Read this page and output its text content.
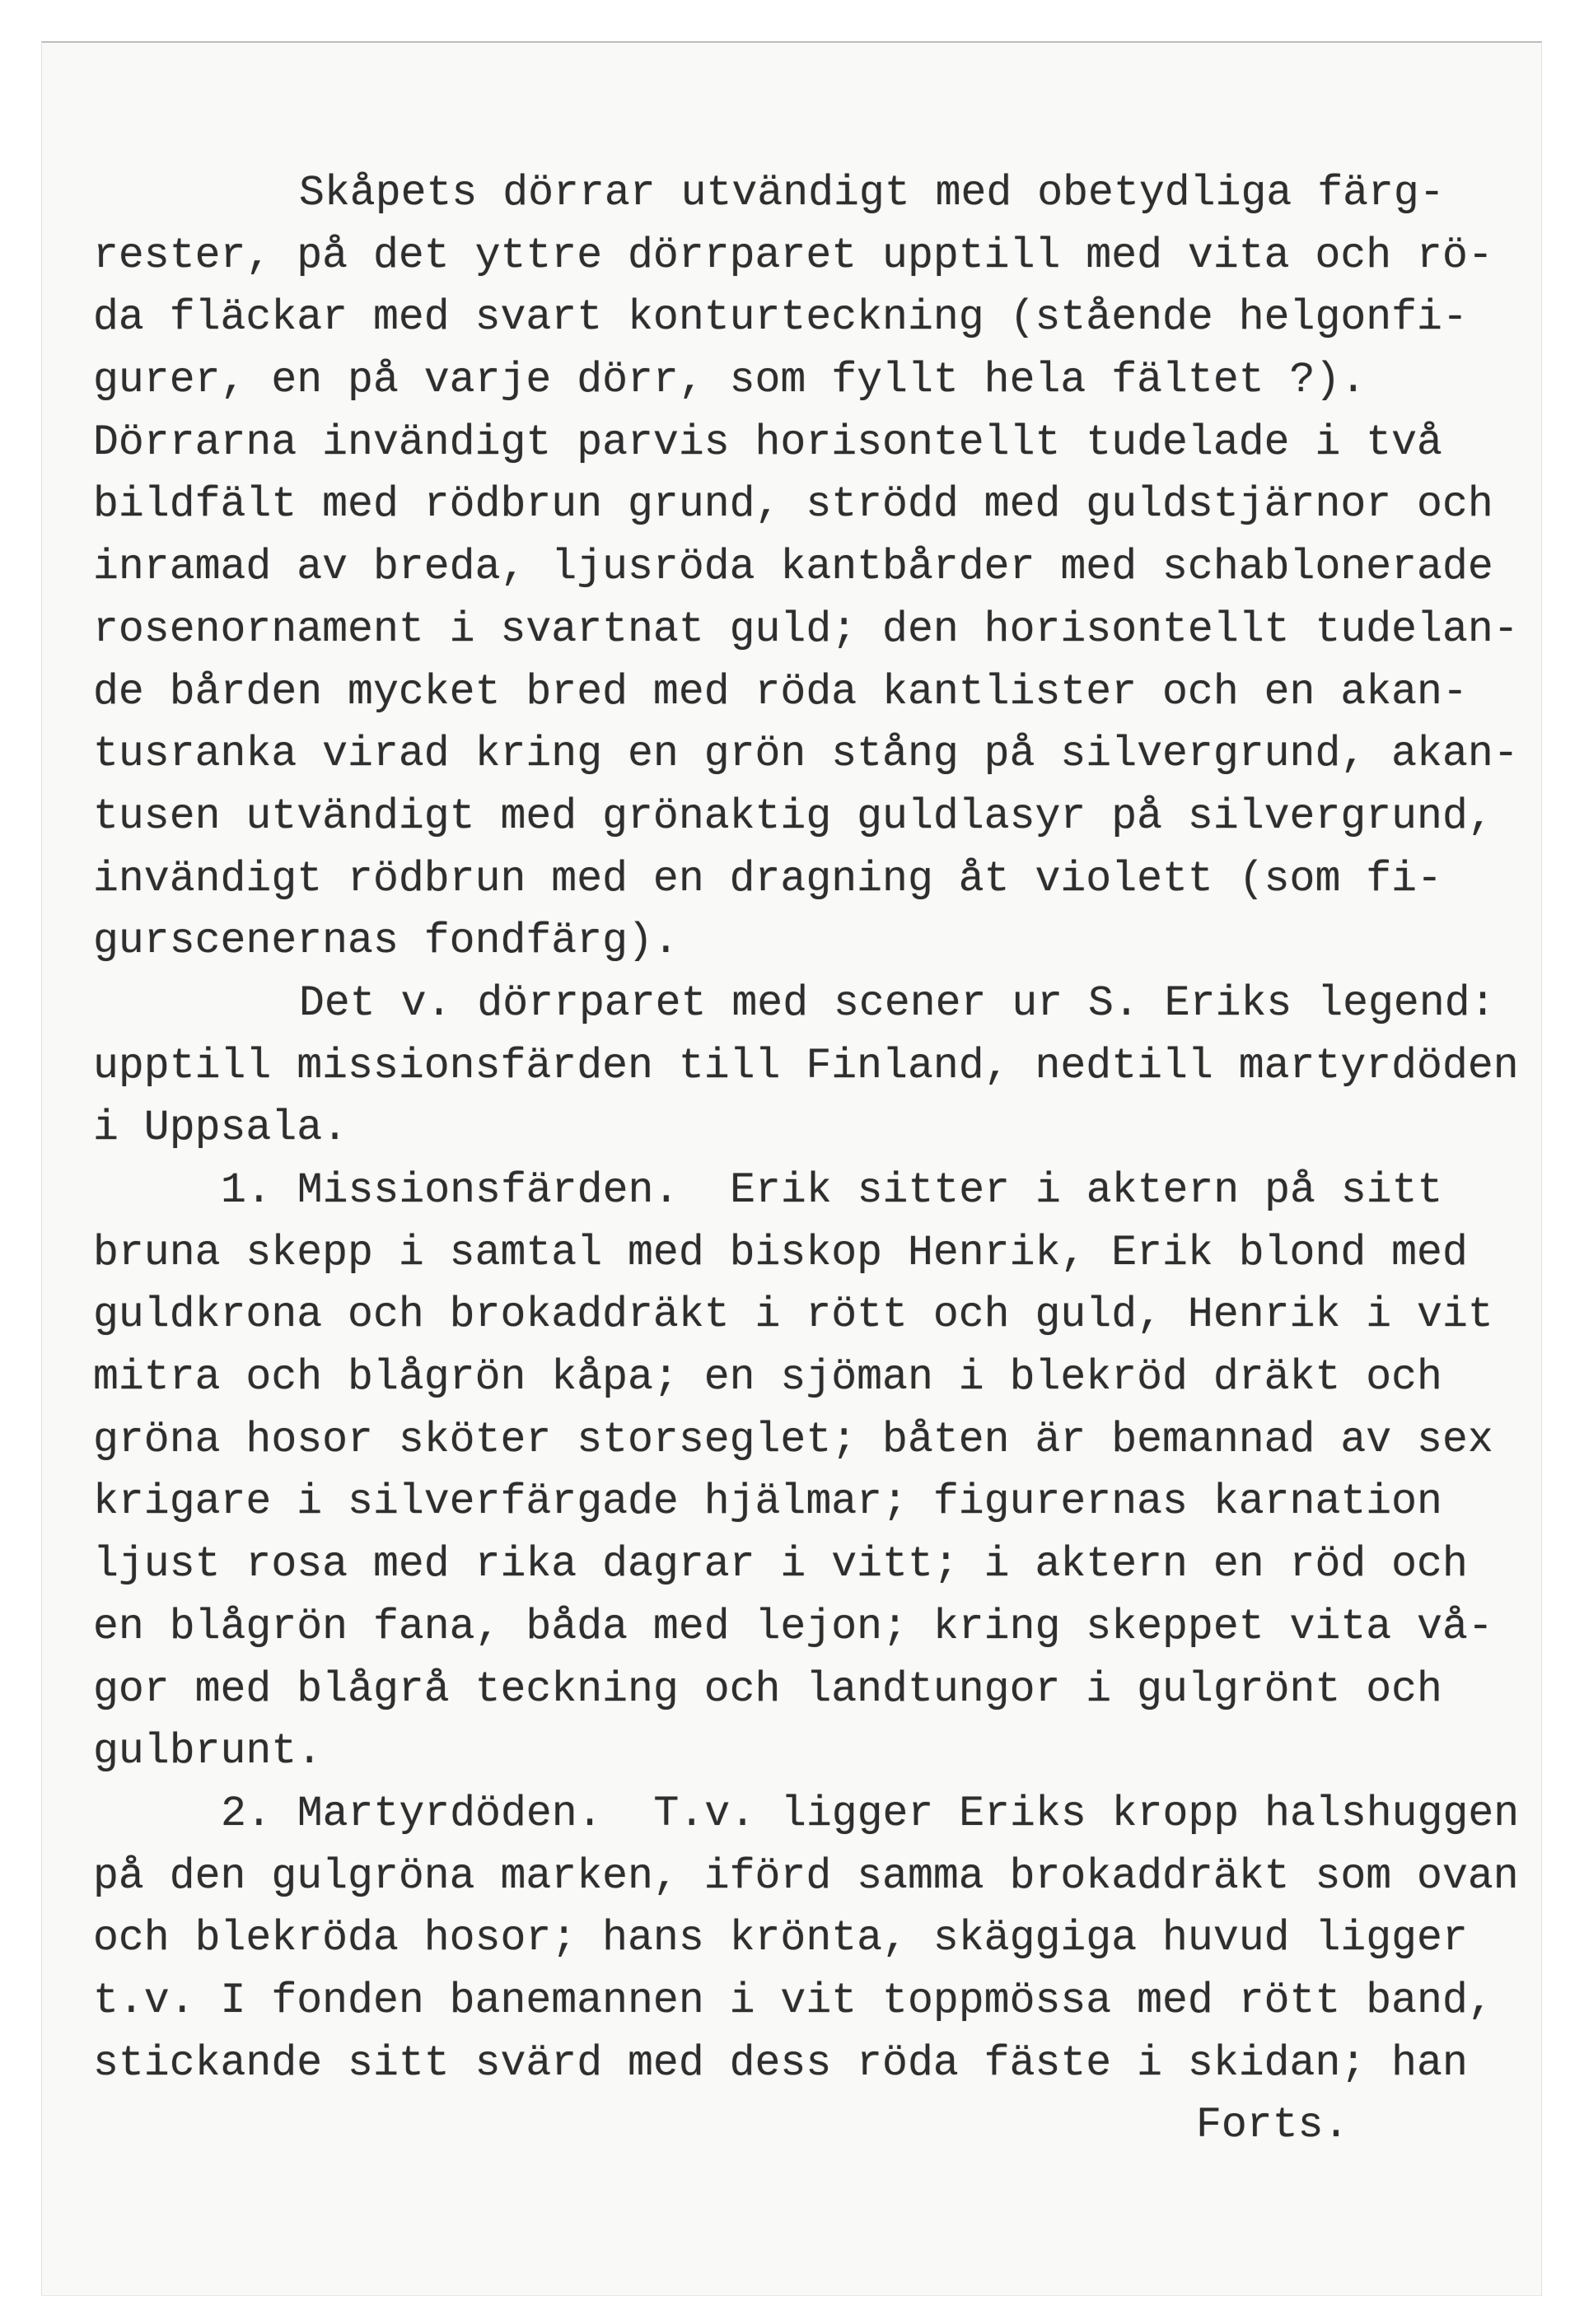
Skåpets dörrar utvändigt med obetydliga färg-
rester, på det yttre dörrparet upptill med vita och rö-
da fläckar med svart konturteckning (stående helgonfi-
gurer, en på varje dörr, som fyllt hela fältet ?).
Dörrarna invändigt parvis horisontellt tudelade i två
bildfält med rödbrun grund, strödd med guldstjärnor och
inramad av breda, ljusröda kantbårder med schablonerade
rosenornament i svartnat guld; den horisontellt tudelan-
de bården mycket bred med röda kantlister och en akan-
tusranka virad kring en grön stång på silvergrund, akan-
tusen utvändigt med grönaktig guldlasyr på silvergrund,
invändigt rödbrun med en dragning åt violett (som fi-
gurscenernas fondfärg).
Det v. dörrparet med scener ur S. Eriks legend:
upptill missionsfärden till Finland, nedtill martyrdöden
i Uppsala.
1. Missionsfärden.  Erik sitter i aktern på sitt
bruna skepp i samtal med biskop Henrik, Erik blond med
guldkrona och brokaddräkt i rött och guld, Henrik i vit
mitra och blågrön kåpa; en sjöman i blekröd dräkt och
gröna hosor sköter storseglet; båten är bemannad av sex
krigare i silverfärgade hjälmar; figurernas karnation
ljust rosa med rika dagrar i vitt; i aktern en röd och
en blågrön fana, båda med lejon; kring skeppet vita vå-
gor med blågrå teckning och landtungor i gulgrönt och
gulbrunt.
2. Martyrdöden.  T.v. ligger Eriks kropp halshuggen
på den gulgröna marken, iförd samma brokaddräkt som ovan
och blekröda hosor; hans krönta, skäggiga huvud ligger
t.v. I fonden banemannen i vit toppmössa med rött band,
stickande sitt svärd med dess röda fäste i skidan; han
Forts.
